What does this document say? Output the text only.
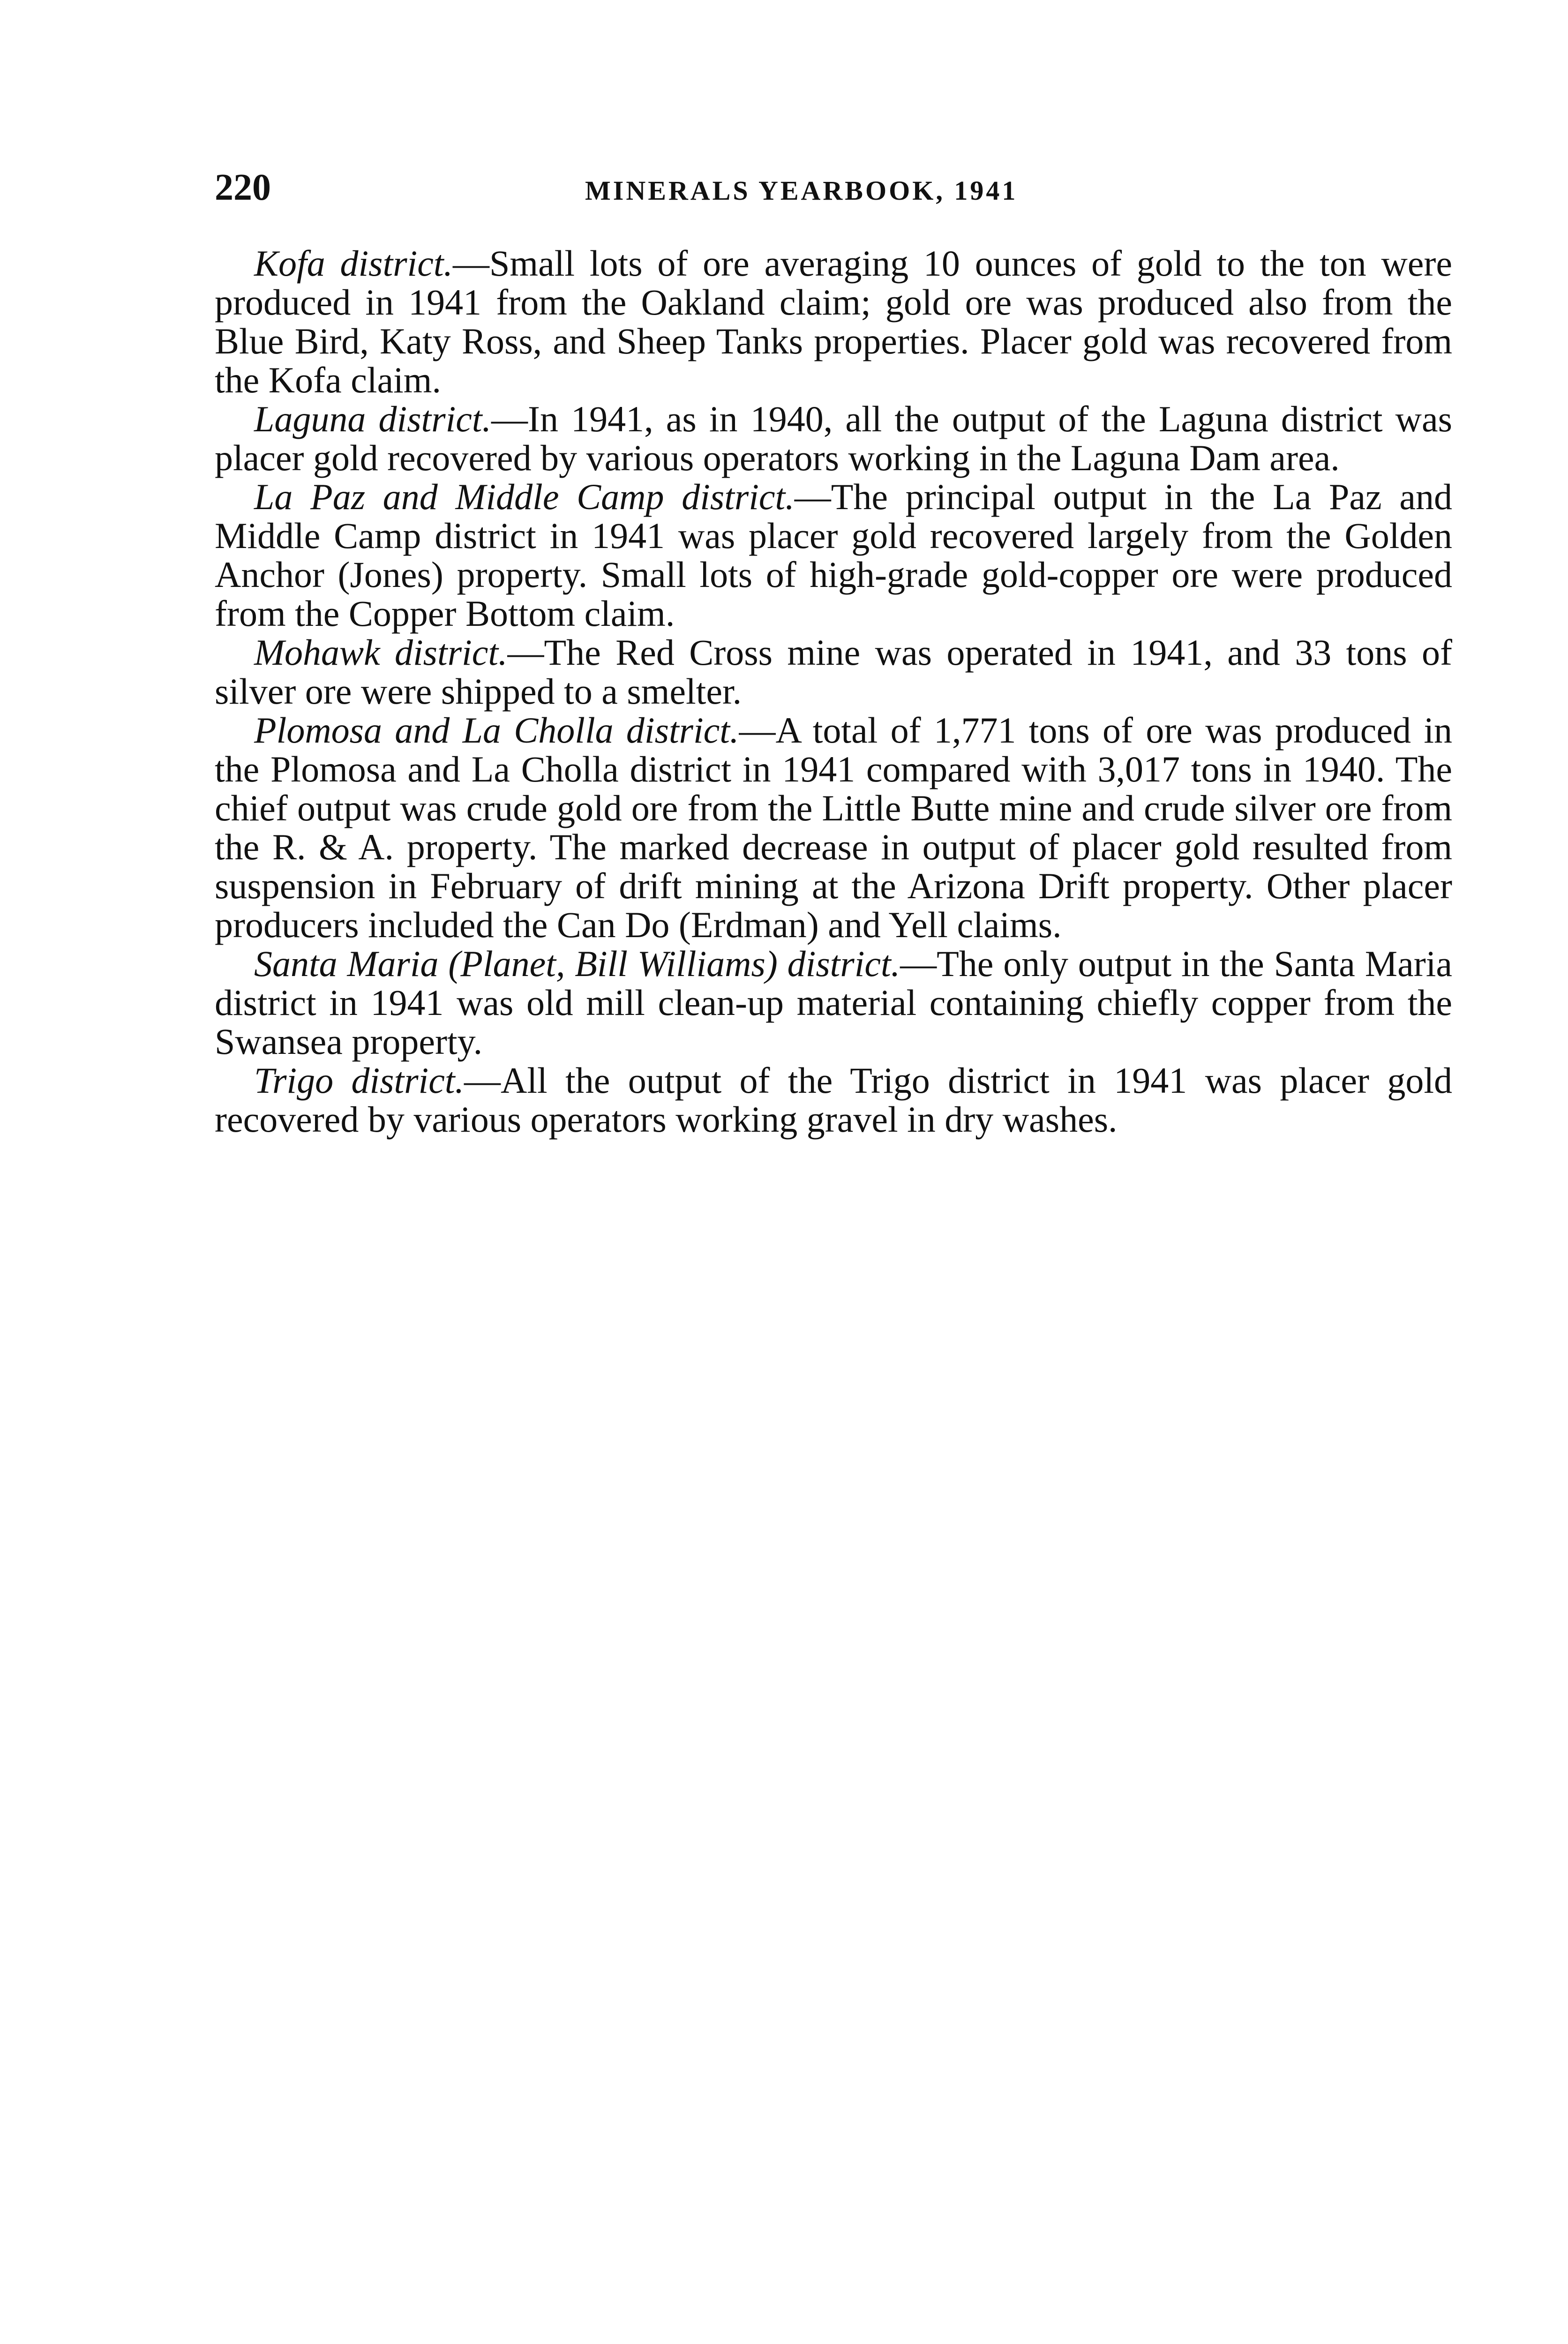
220	MINERALS YEARBOOK, 1941

Kofa district.—Small lots of ore averaging 10 ounces of gold to the ton were produced in 1941 from the Oakland claim; gold ore was produced also from the Blue Bird, Katy Ross, and Sheep Tanks properties. Placer gold was recovered from the Kofa claim.

Laguna district.—In 1941, as in 1940, all the output of the Laguna district was placer gold recovered by various operators working in the Laguna Dam area.

La Paz and Middle Camp district.—The principal output in the La Paz and Middle Camp district in 1941 was placer gold recovered largely from the Golden Anchor (Jones) property. Small lots of high-grade gold-copper ore were produced from the Copper Bottom claim.

Mohawk district.—The Red Cross mine was operated in 1941, and 33 tons of silver ore were shipped to a smelter.

Plomosa and La Cholla district.—A total of 1,771 tons of ore was produced in the Plomosa and La Cholla district in 1941 compared with 3,017 tons in 1940. The chief output was crude gold ore from the Little Butte mine and crude silver ore from the R. & A. property. The marked decrease in output of placer gold resulted from suspension in February of drift mining at the Arizona Drift property. Other placer producers included the Can Do (Erdman) and Yell claims.

Santa Maria (Planet, Bill Williams) district.—The only output in the Santa Maria district in 1941 was old mill clean-up material containing chiefly copper from the Swansea property.

Trigo district.—All the output of the Trigo district in 1941 was placer gold recovered by various operators working gravel in dry washes.
